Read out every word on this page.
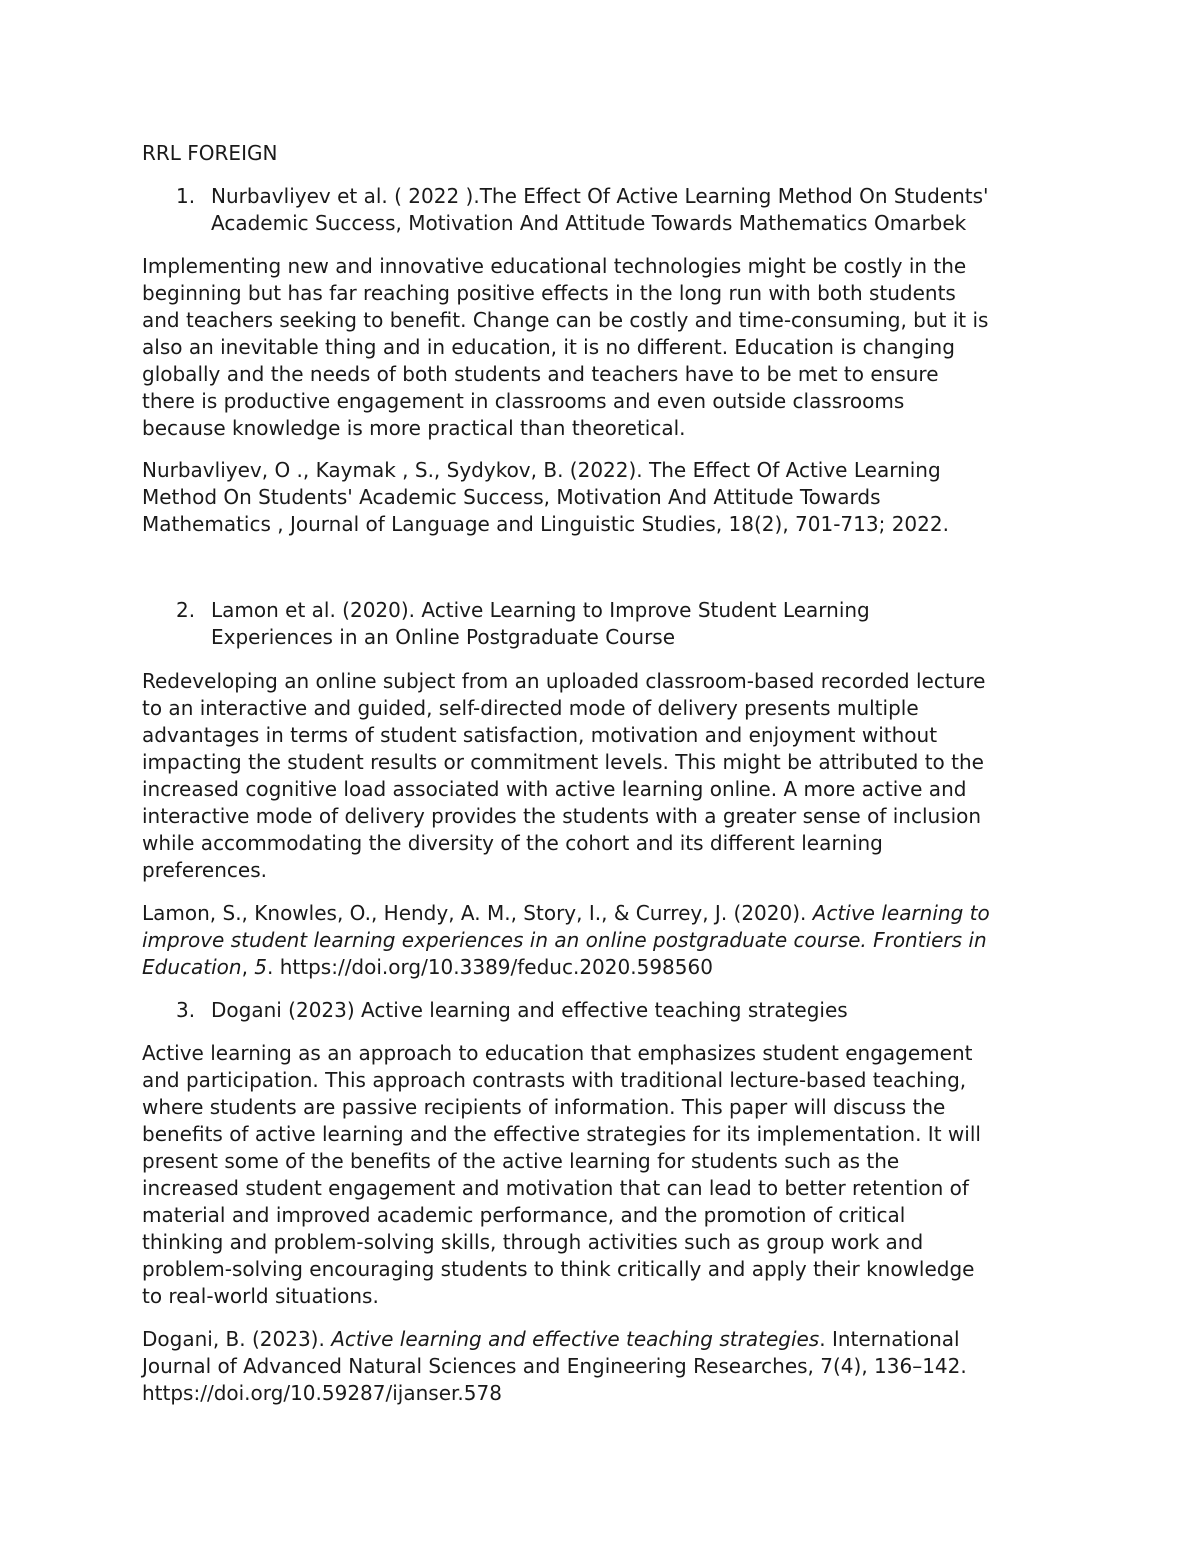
RRL FOREIGN
1. Nurbavliyev et al. ( 2022 ).The Effect Of Active Learning Method On Students'
Academic Success, Motivation And Attitude Towards Mathematics Omarbek
Implementing new and innovative educational technologies might be costly in the
beginning but has far reaching positive effects in the long run with both students
and teachers seeking to benefit. Change can be costly and time-consuming, but it is
also an inevitable thing and in education, it is no different. Education is changing
globally and the needs of both students and teachers have to be met to ensure
there is productive engagement in classrooms and even outside classrooms
because knowledge is more practical than theoretical.
Nurbavliyev, O ., Kaymak , S., Sydykov, B. (2022). The Effect Of Active Learning
Method On Students' Academic Success, Motivation And Attitude Towards
Mathematics , Journal of Language and Linguistic Studies, 18(2), 701-713; 2022.
2. Lamon et al. (2020). Active Learning to Improve Student Learning
Experiences in an Online Postgraduate Course
Redeveloping an online subject from an uploaded classroom-based recorded lecture
to an interactive and guided, self-directed mode of delivery presents multiple
advantages in terms of student satisfaction, motivation and enjoyment without
impacting the student results or commitment levels. This might be attributed to the
increased cognitive load associated with active learning online. A more active and
interactive mode of delivery provides the students with a greater sense of inclusion
while accommodating the diversity of the cohort and its different learning
preferences.
Lamon, S., Knowles, O., Hendy, A. M., Story, I., & Currey, J. (2020). Active learning to
improve student learning experiences in an online postgraduate course. Frontiers in
Education, 5. https://doi.org/10.3389/feduc.2020.598560
3. Dogani (2023) Active learning and effective teaching strategies
Active learning as an approach to education that emphasizes student engagement
and participation. This approach contrasts with traditional lecture-based teaching,
where students are passive recipients of information. This paper will discuss the
benefits of active learning and the effective strategies for its implementation. It will
present some of the benefits of the active learning for students such as the
increased student engagement and motivation that can lead to better retention of
material and improved academic performance, and the promotion of critical
thinking and problem-solving skills, through activities such as group work and
problem-solving encouraging students to think critically and apply their knowledge
to real-world situations.
Dogani, B. (2023). Active learning and effective teaching strategies. International
Journal of Advanced Natural Sciences and Engineering Researches, 7(4), 136–142.
https://doi.org/10.59287/ijanser.578
